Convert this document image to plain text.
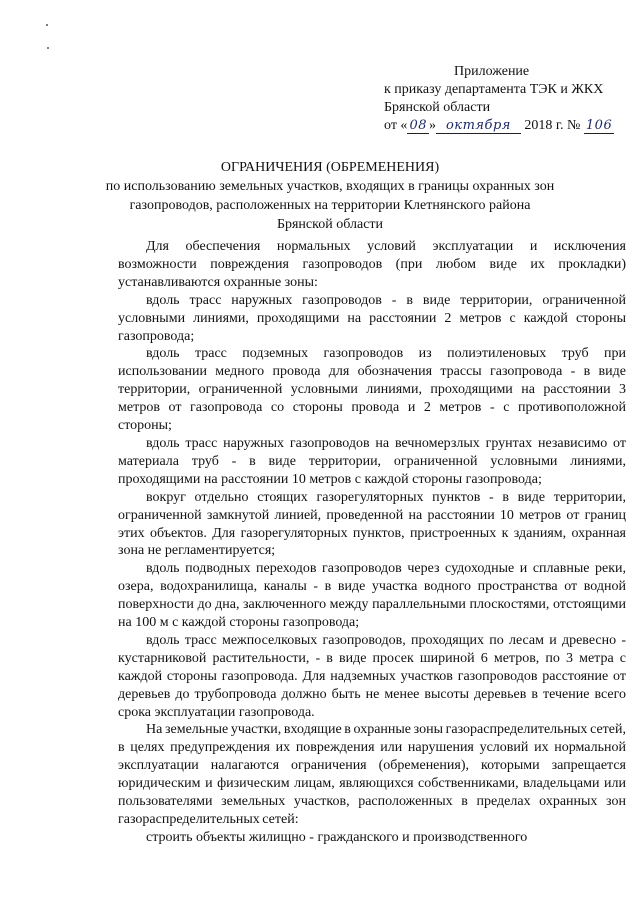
Приложение
к приказу департамента ТЭК и ЖКХ
Брянской области
от « 08 » октября 2018 г. № 106
ОГРАНИЧЕНИЯ (ОБРЕМЕНЕНИЯ)
по использованию земельных участков, входящих в границы охранных зон газопроводов, расположенных на территории Клетнянского района Брянской области

Для обеспечения нормальных условий эксплуатации и исключения возможности повреждения газопроводов (при любом виде их прокладки) устанавливаются охранные зоны:

вдоль трасс наружных газопроводов - в виде территории, ограниченной условными линиями, проходящими на расстоянии 2 метров с каждой стороны газопровода;

вдоль трасс подземных газопроводов из полиэтиленовых труб при использовании медного провода для обозначения трассы газопровода - в виде территории, ограниченной условными линиями, проходящими на расстоянии 3 метров от газопровода со стороны провода и 2 метров - с противоположной стороны;

вдоль трасс наружных газопроводов на вечномерзлых грунтах независимо от материала труб - в виде территории, ограниченной условными линиями, проходящими на расстоянии 10 метров с каждой стороны газопровода;

вокруг отдельно стоящих газорегуляторных пунктов - в виде территории, ограниченной замкнутой линией, проведенной на расстоянии 10 метров от границ этих объектов. Для газорегуляторных пунктов, пристроенных к зданиям, охранная зона не регламентируется;

вдоль подводных переходов газопроводов через судоходные и сплавные реки, озера, водохранилища, каналы - в виде участка водного пространства от водной поверхности до дна, заключенного между параллельными плоскостями, отстоящими на 100 м с каждой стороны газопровода;

вдоль трасс межпоселковых газопроводов, проходящих по лесам и древесно - кустарниковой растительности, - в виде просек шириной 6 метров, по 3 метра с каждой стороны газопровода. Для надземных участков газопроводов расстояние от деревьев до трубопровода должно быть не менее высоты деревьев в течение всего срока эксплуатации газопровода.

На земельные участки, входящие в охранные зоны газораспределительных сетей, в целях предупреждения их повреждения или нарушения условий их нормальной эксплуатации налагаются ограничения (обременения), которыми запрещается юридическим и физическим лицам, являющихся собственниками, владельцами или пользователями земельных участков, расположенных в пределах охранных зон газораспределительных сетей:

строить объекты жилищно - гражданского и производственного
